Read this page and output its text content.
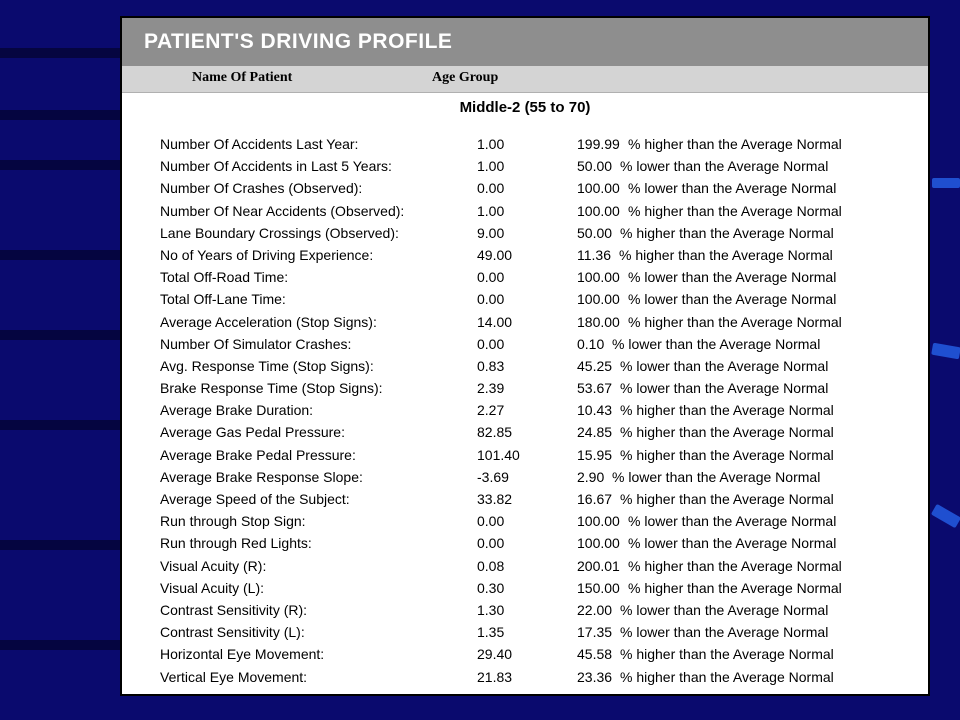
PATIENT'S DRIVING PROFILE
Name Of Patient	Age Group
Middle-2 (55 to 70)
Number Of Accidents Last Year:	1.00	199.99 % higher than the Average Normal
Number Of Accidents in Last 5 Years:	1.00	50.00 % lower than the Average Normal
Number Of Crashes (Observed):	0.00	100.00 % lower than the Average Normal
Number Of Near Accidents (Observed):	1.00	100.00 % higher than the Average Normal
Lane Boundary Crossings (Observed):	9.00	50.00 % higher than the Average Normal
No of Years of Driving Experience:	49.00	11.36 % higher than the Average Normal
Total Off-Road Time:	0.00	100.00 % lower than the Average Normal
Total Off-Lane Time:	0.00	100.00 % lower than the Average Normal
Average Acceleration (Stop Signs):	14.00	180.00 % higher than the Average Normal
Number Of Simulator Crashes:	0.00	0.10 % lower than the Average Normal
Avg. Response Time (Stop Signs):	0.83	45.25 % lower than the Average Normal
Brake Response Time (Stop Signs):	2.39	53.67 % lower than the Average Normal
Average Brake Duration:	2.27	10.43 % higher than the Average Normal
Average Gas Pedal Pressure:	82.85	24.85 % higher than the Average Normal
Average Brake Pedal Pressure:	101.40	15.95 % higher than the Average Normal
Average Brake Response Slope:	-3.69	2.90 % lower than the Average Normal
Average Speed of the Subject:	33.82	16.67 % higher than the Average Normal
Run through Stop Sign:	0.00	100.00 % lower than the Average Normal
Run through Red Lights:	0.00	100.00 % lower than the Average Normal
Visual Acuity (R):	0.08	200.01 % higher than the Average Normal
Visual Acuity (L):	0.30	150.00 % higher than the Average Normal
Contrast Sensitivity (R):	1.30	22.00 % lower than the Average Normal
Contrast Sensitivity (L):	1.35	17.35 % lower than the Average Normal
Horizontal Eye Movement:	29.40	45.58 % higher than the Average Normal
Vertical Eye Movement:	21.83	23.36 % higher than the Average Normal
